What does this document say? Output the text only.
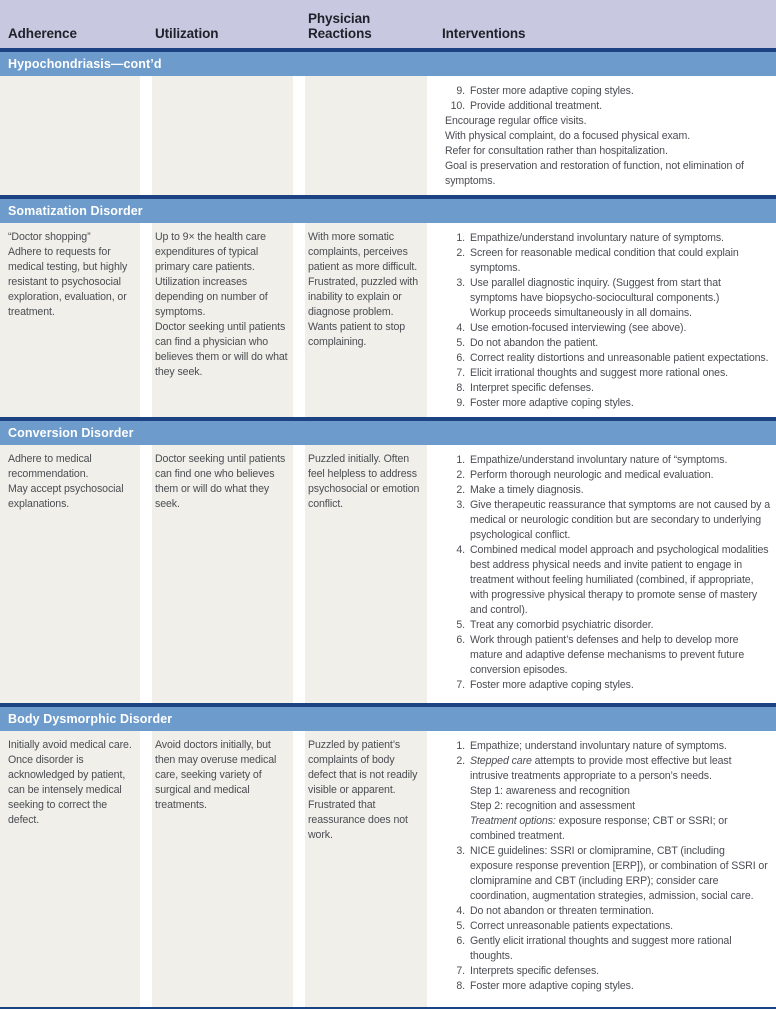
Adherence	Utilization
Physician Reactions	Interventions
Hypochondriasis—cont’d
9. Foster more adaptive coping styles.
10. Provide additional treatment.
Encourage regular office visits.
With physical complaint, do a focused physical exam.
Refer for consultation rather than hospitalization.
Goal is preservation and restoration of function, not elimination of symptoms.
Somatization Disorder
“Doctor shopping”
Adhere to requests for medical testing, but highly resistant to psychosocial exploration, evaluation, or treatment.
Up to 9× the health care expenditures of typical primary care patients.
Utilization increases depending on number of symptoms.
Doctor seeking until patients can find a physician who believes them or will do what they seek.
With more somatic complaints, perceives patient as more difficult.
Frustrated, puzzled with inability to explain or diagnose problem.
Wants patient to stop complaining.
1. Empathize/understand involuntary nature of symptoms.
2. Screen for reasonable medical condition that could explain symptoms.
3. Use parallel diagnostic inquiry. (Suggest from start that symptoms have biopsycho-sociocultural components.)
Workup proceeds simultaneously in all domains.
4. Use emotion-focused interviewing (see above).
5. Do not abandon the patient.
6. Correct reality distortions and unreasonable patient expectations.
7. Elicit irrational thoughts and suggest more rational ones.
8. Interpret specific defenses.
9. Foster more adaptive coping styles.
Conversion Disorder
Adhere to medical recommendation.
May accept psychosocial explanations.
Doctor seeking until patients can find one who believes them or will do what they seek.
Puzzled initially. Often feel helpless to address psychosocial or emotion conflict.
1. Empathize/understand involuntary nature of “symptoms.
2. Perform thorough neurologic and medical evaluation.
2. Make a timely diagnosis.
3. Give therapeutic reassurance that symptoms are not caused by a medical or neurologic condition but are secondary to underlying psychological conflict.
4. Combined medical model approach and psychological modalities best address physical needs and invite patient to engage in treatment without feeling humiliated (combined, if appropriate, with progressive physical therapy to promote sense of mastery and control).
5. Treat any comorbid psychiatric disorder.
6. Work through patient’s defenses and help to develop more mature and adaptive defense mechanisms to prevent future conversion episodes.
7. Foster more adaptive coping styles.
Body Dysmorphic Disorder
Initially avoid medical care.
Once disorder is acknowledged by patient, can be intensely medical seeking to correct the defect.
Avoid doctors initially, but then may overuse medical care, seeking variety of surgical and medical treatments.
Puzzled by patient’s complaints of body defect that is not readily visible or apparent.
Frustrated that reassurance does not work.
1. Empathize; understand involuntary nature of symptoms.
2. Stepped care attempts to provide most effective but least intrusive treatments appropriate to a person’s needs.
Step 1: awareness and recognition
Step 2: recognition and assessment
Treatment options: exposure response; CBT or SSRI; or combined treatment.
3. NICE guidelines: SSRI or clomipramine, CBT (including exposure response prevention [ERP]), or combination of SSRI or clomipramine and CBT (including ERP); consider care coordination, augmentation strategies, admission, social care.
4. Do not abandon or threaten termination.
5. Correct unreasonable patients expectations.
6. Gently elicit irrational thoughts and suggest more rational thoughts.
7. Interprets specific defenses.
8. Foster more adaptive coping styles.
